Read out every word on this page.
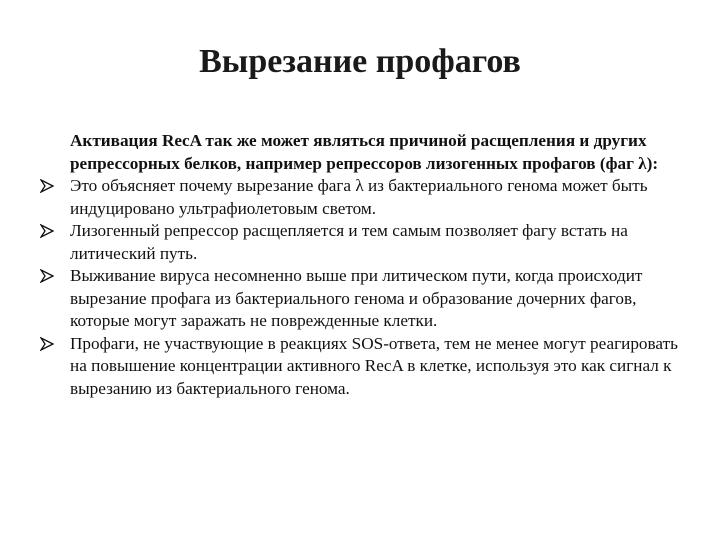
Вырезание профагов

Активация RecA так же может являться причиной расщепления и других репрессорных белков, например репрессоров лизогенных профагов (фаг λ):

Это объясняет почему вырезание фага λ из бактериального генома может быть индуцировано ультрафиолетовым светом.
Лизогенный репрессор расщепляется и тем самым позволяет фагу встать на литический путь.
Выживание вируса несомненно выше при литическом пути, когда происходит вырезание профага из бактериального генома и образование дочерних фагов, которые могут заражать не поврежденные клетки.
Профаги, не участвующие в реакциях SOS-ответа, тем не менее могут реагировать на повышение концентрации активного RecA в клетке, используя это как сигнал к вырезанию из бактериального генома.
